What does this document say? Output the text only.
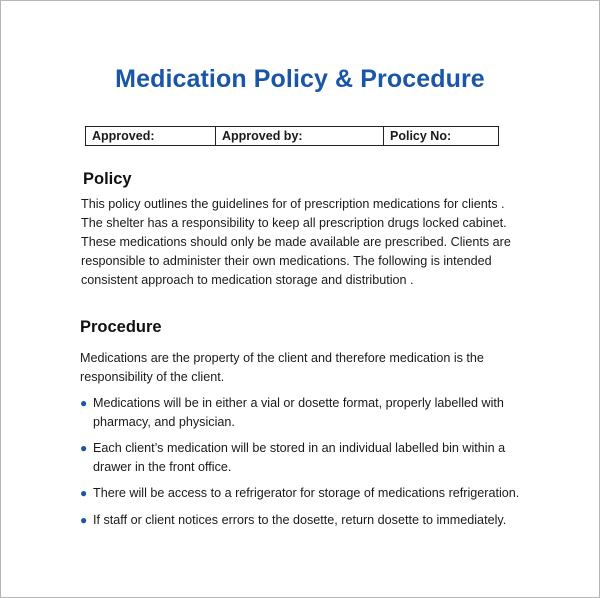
Medication Policy & Procedure
Approved:	Approved by:	Policy No:
Policy
This policy outlines the guidelines for of prescription medications for clients .
The shelter has a responsibility to keep all prescription drugs locked cabinet.
These medications should only be made available are prescribed. Clients are
responsible to administer their own medications. The following is intended
consistent approach to medication storage and distribution .
Procedure
Medications are the property of the client and therefore medication is the
responsibility of the client.
● Medications will be in either a vial or dosette format, properly labelled with
pharmacy, and physician.
● Each client’s medication will be stored in an individual labelled bin within a
drawer in the front office.
● There will be access to a refrigerator for storage of medications refrigeration.
● If staff or client notices errors to the dosette, return dosette to immediately.
